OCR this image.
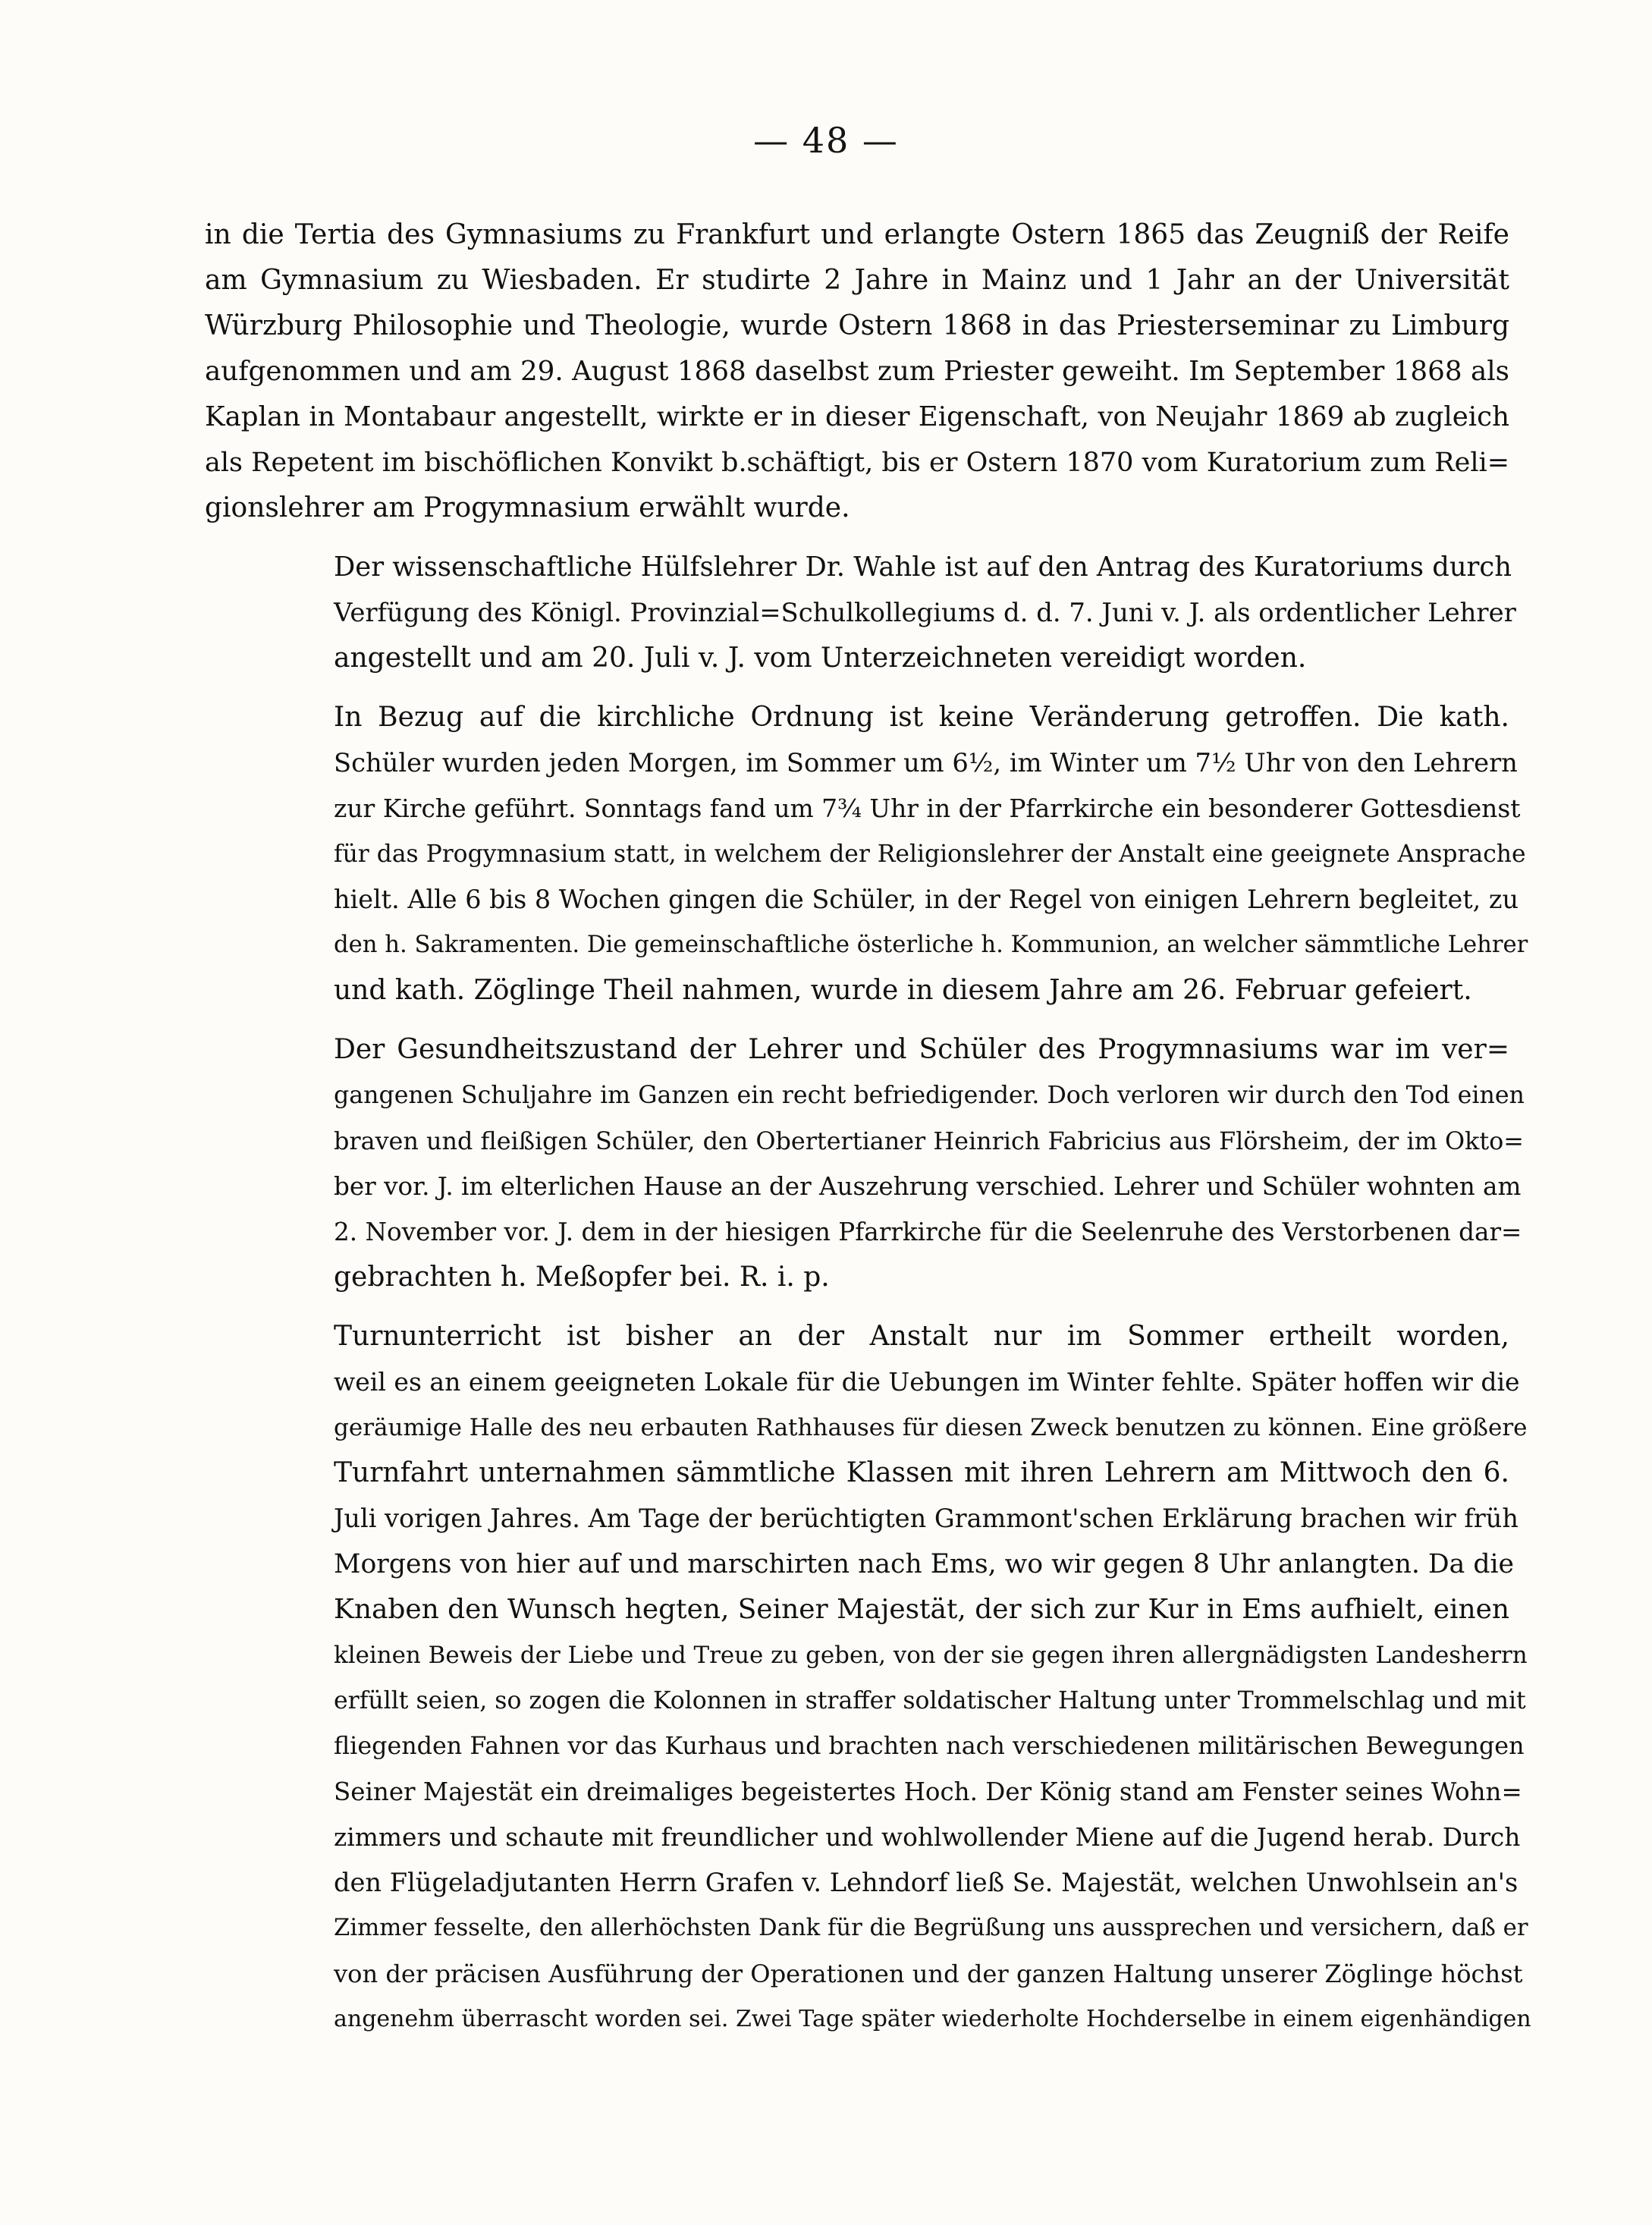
— 48 —
in die Tertia des Gymnasiums zu Frankfurt und erlangte Ostern 1865 das Zeugniß der Reife
am Gymnasium zu Wiesbaden. Er studirte 2 Jahre in Mainz und 1 Jahr an der Universität
Würzburg Philosophie und Theologie, wurde Ostern 1868 in das Priesterseminar zu Limburg
aufgenommen und am 29. August 1868 daselbst zum Priester geweiht. Im September 1868 als
Kaplan in Montabaur angestellt, wirkte er in dieser Eigenschaft, von Neujahr 1869 ab zugleich
als Repetent im bischöflichen Konvikt b.schäftigt, bis er Ostern 1870 vom Kuratorium zum Reli=
gionslehrer am Progymnasium erwählt wurde.
Der wissenschaftliche Hülfslehrer Dr. Wahle ist auf den Antrag des Kuratoriums durch
Verfügung des Königl. Provinzial=Schulkollegiums d. d. 7. Juni v. J. als ordentlicher Lehrer
angestellt und am 20. Juli v. J. vom Unterzeichneten vereidigt worden.
In Bezug auf die kirchliche Ordnung ist keine Veränderung getroffen. Die kath.
Schüler wurden jeden Morgen, im Sommer um 6½, im Winter um 7½ Uhr von den Lehrern
zur Kirche geführt. Sonntags fand um 7¾ Uhr in der Pfarrkirche ein besonderer Gottesdienst
für das Progymnasium statt, in welchem der Religionslehrer der Anstalt eine geeignete Ansprache
hielt. Alle 6 bis 8 Wochen gingen die Schüler, in der Regel von einigen Lehrern begleitet, zu
den h. Sakramenten. Die gemeinschaftliche österliche h. Kommunion, an welcher sämmtliche Lehrer
und kath. Zöglinge Theil nahmen, wurde in diesem Jahre am 26. Februar gefeiert.
Der Gesundheitszustand der Lehrer und Schüler des Progymnasiums war im ver=
gangenen Schuljahre im Ganzen ein recht befriedigender. Doch verloren wir durch den Tod einen
braven und fleißigen Schüler, den Obertertianer Heinrich Fabricius aus Flörsheim, der im Okto=
ber vor. J. im elterlichen Hause an der Auszehrung verschied. Lehrer und Schüler wohnten am
2. November vor. J. dem in der hiesigen Pfarrkirche für die Seelenruhe des Verstorbenen dar=
gebrachten h. Meßopfer bei. R. i. p.
Turnunterricht ist bisher an der Anstalt nur im Sommer ertheilt worden,
weil es an einem geeigneten Lokale für die Uebungen im Winter fehlte. Später hoffen wir die
geräumige Halle des neu erbauten Rathhauses für diesen Zweck benutzen zu können. Eine größere
Turnfahrt unternahmen sämmtliche Klassen mit ihren Lehrern am Mittwoch den 6.
Juli vorigen Jahres. Am Tage der berüchtigten Grammont'schen Erklärung brachen wir früh
Morgens von hier auf und marschirten nach Ems, wo wir gegen 8 Uhr anlangten. Da die
Knaben den Wunsch hegten, Seiner Majestät, der sich zur Kur in Ems aufhielt, einen
kleinen Beweis der Liebe und Treue zu geben, von der sie gegen ihren allergnädigsten Landesherrn
erfüllt seien, so zogen die Kolonnen in straffer soldatischer Haltung unter Trommelschlag und mit
fliegenden Fahnen vor das Kurhaus und brachten nach verschiedenen militärischen Bewegungen
Seiner Majestät ein dreimaliges begeistertes Hoch. Der König stand am Fenster seines Wohn=
zimmers und schaute mit freundlicher und wohlwollender Miene auf die Jugend herab. Durch
den Flügeladjutanten Herrn Grafen v. Lehndorf ließ Se. Majestät, welchen Unwohlsein an's
Zimmer fesselte, den allerhöchsten Dank für die Begrüßung uns aussprechen und versichern, daß er
von der präcisen Ausführung der Operationen und der ganzen Haltung unserer Zöglinge höchst
angenehm überrascht worden sei. Zwei Tage später wiederholte Hochderselbe in einem eigenhändigen
